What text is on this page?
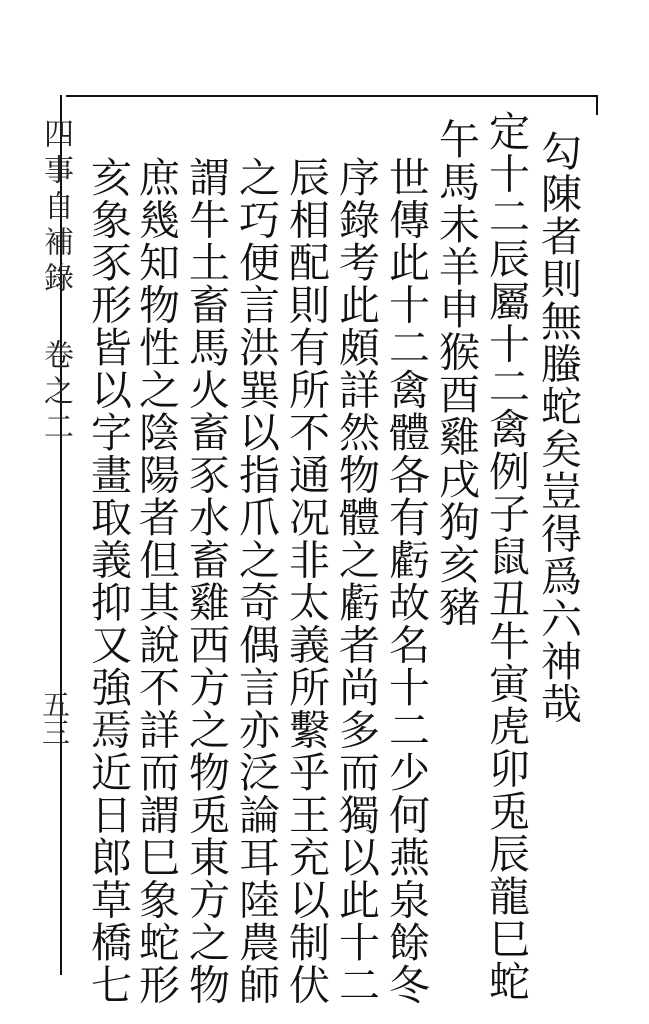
勾陳者則無螣蛇矣豈得爲六神哉
定十二辰屬十二禽例子鼠丑牛寅虎卯兎辰龍巳蛇
午馬未羊申猴酉雞戌狗亥豬
世傳此十二禽體各有虧故名十二少何燕泉餘冬
序錄考此頗詳然物體之虧者尚多而獨以此十二
辰相配則有所不通况非太義所繫乎王充以制伏
之巧便言洪巽以指爪之奇偶言亦泛論耳陸農師
謂牛土畜馬火畜豕水畜雞西方之物兎東方之物
庶幾知物性之陰陽者但其說不詳而謂巳象蛇形
四事自補錄 卷之二
五三 亥象豕形皆以字畫取義抑又強焉近日郎草橋七
